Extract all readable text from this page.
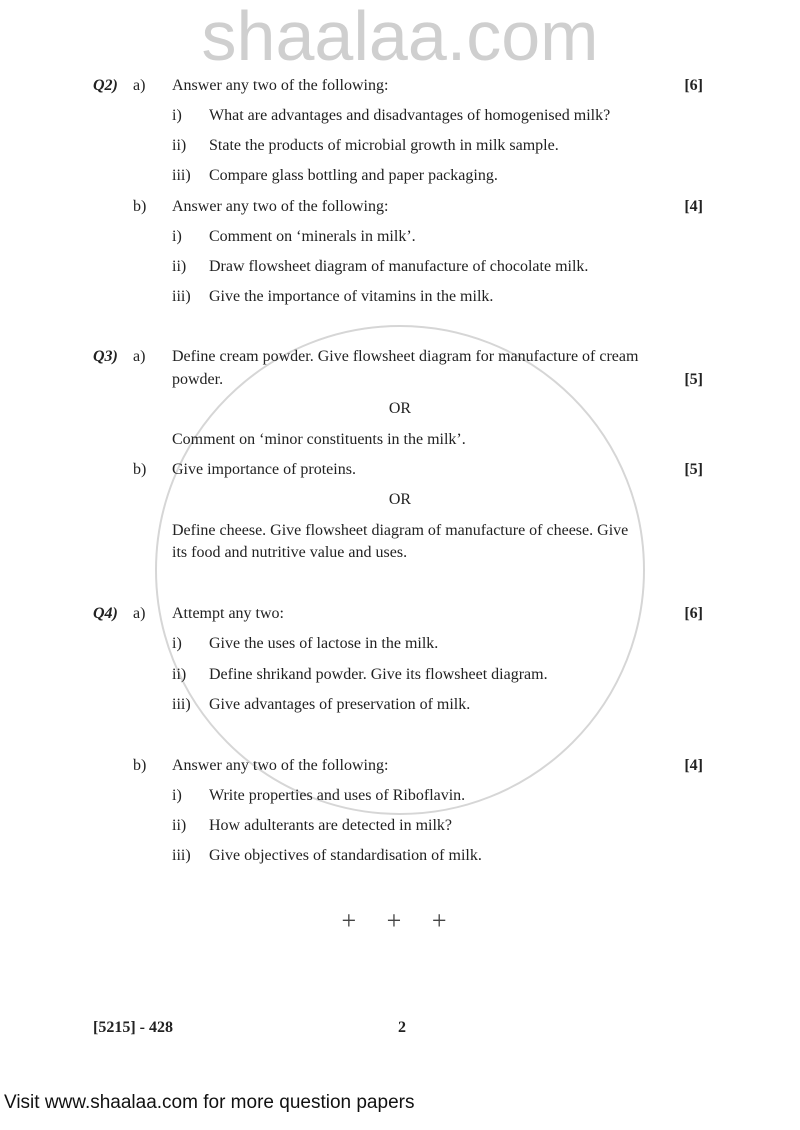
shaalaa.com
Q2) a) Answer any two of the following:	[6]
i) What are advantages and disadvantages of homogenised milk?
ii) State the products of microbial growth in milk sample.
iii) Compare glass bottling and paper packaging.
b) Answer any two of the following:	[4]
i) Comment on ‘minerals in milk’.
ii) Draw flowsheet diagram of manufacture of chocolate milk.
iii) Give the importance of vitamins in the milk.
Q3) a) Define cream powder. Give flowsheet diagram for manufacture of cream
powder.	[5]
OR
Comment on ‘minor constituents in the milk’.
b) Give importance of proteins.	[5]
OR
Define cheese. Give flowsheet diagram of manufacture of cheese. Give
its food and nutritive value and uses.
Q4) a) Attempt any two:	[6]
i) Give the uses of lactose in the milk.
ii) Define shrikand powder. Give its flowsheet diagram.
iii) Give advantages of preservation of milk.
b) Answer any two of the following:	[4]
i) Write properties and uses of Riboflavin.
ii) How adulterants are detected in milk?
iii) Give objectives of standardisation of milk.
+ + +
[5215] - 428	2
Visit www.shaalaa.com for more question papers
